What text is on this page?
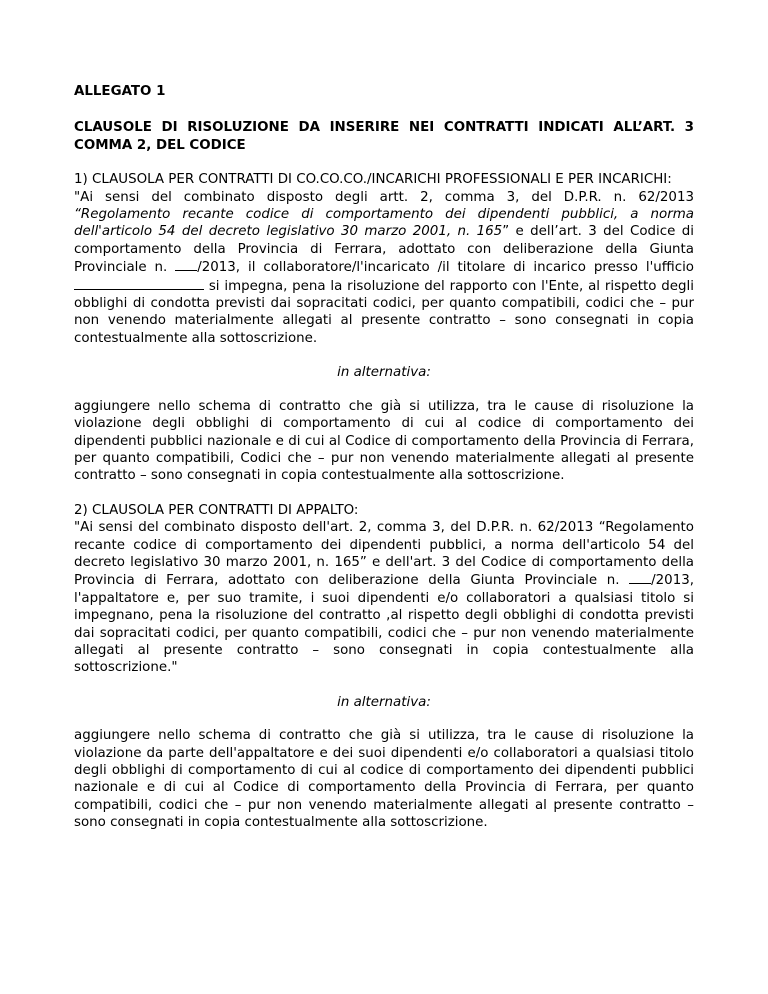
ALLEGATO 1

CLAUSOLE DI RISOLUZIONE DA INSERIRE NEI CONTRATTI INDICATI ALL’ART. 3 COMMA 2, DEL CODICE

1) CLAUSOLA PER CONTRATTI DI CO.CO.CO./INCARICHI PROFESSIONALI E PER INCARICHI:

"Ai sensi del combinato disposto degli artt. 2, comma 3, del D.P.R. n. 62/2013 “Regolamento recante codice di comportamento dei dipendenti pubblici, a norma dell'articolo 54 del decreto legislativo 30 marzo 2001, n. 165” e dell’art. 3 del Codice di comportamento della Provincia di Ferrara, adottato con deliberazione della Giunta Provinciale n. /2013, il collaboratore/l'incaricato /il titolare di incarico presso l'ufficio  si impegna, pena la risoluzione del rapporto con l'Ente, al rispetto degli obblighi di condotta previsti dai sopracitati codici, per quanto compatibili, codici che – pur non venendo materialmente allegati al presente contratto – sono consegnati in copia contestualmente alla sottoscrizione.

in alternativa:

aggiungere nello schema di contratto che già si utilizza, tra le cause di risoluzione la violazione degli obblighi di comportamento di cui al codice di comportamento dei dipendenti pubblici nazionale e di cui al Codice di comportamento della Provincia di Ferrara, per quanto compatibili, Codici che – pur non venendo materialmente allegati al presente contratto – sono consegnati in copia contestualmente alla sottoscrizione.

2) CLAUSOLA PER CONTRATTI DI APPALTO:

"Ai sensi del combinato disposto dell'art. 2, comma 3, del D.P.R. n. 62/2013 “Regolamento recante codice di comportamento dei dipendenti pubblici, a norma dell'articolo 54 del decreto legislativo 30 marzo 2001, n. 165” e dell'art. 3 del Codice di comportamento della Provincia di Ferrara, adottato con deliberazione della Giunta Provinciale n. /2013, l'appaltatore e, per suo tramite, i suoi dipendenti e/o collaboratori a qualsiasi titolo si impegnano, pena la risoluzione del contratto ,al rispetto degli obblighi di condotta previsti dai sopracitati codici, per quanto compatibili, codici che – pur non venendo materialmente allegati al presente contratto – sono consegnati in copia contestualmente alla sottoscrizione."

in alternativa:

aggiungere nello schema di contratto che già si utilizza, tra le cause di risoluzione la violazione da parte dell'appaltatore e dei suoi dipendenti e/o collaboratori a qualsiasi titolo degli obblighi di comportamento di cui al codice di comportamento dei dipendenti pubblici nazionale e di cui al Codice di comportamento della Provincia di Ferrara, per quanto compatibili, codici che – pur non venendo materialmente allegati al presente contratto – sono consegnati in copia contestualmente alla sottoscrizione.
